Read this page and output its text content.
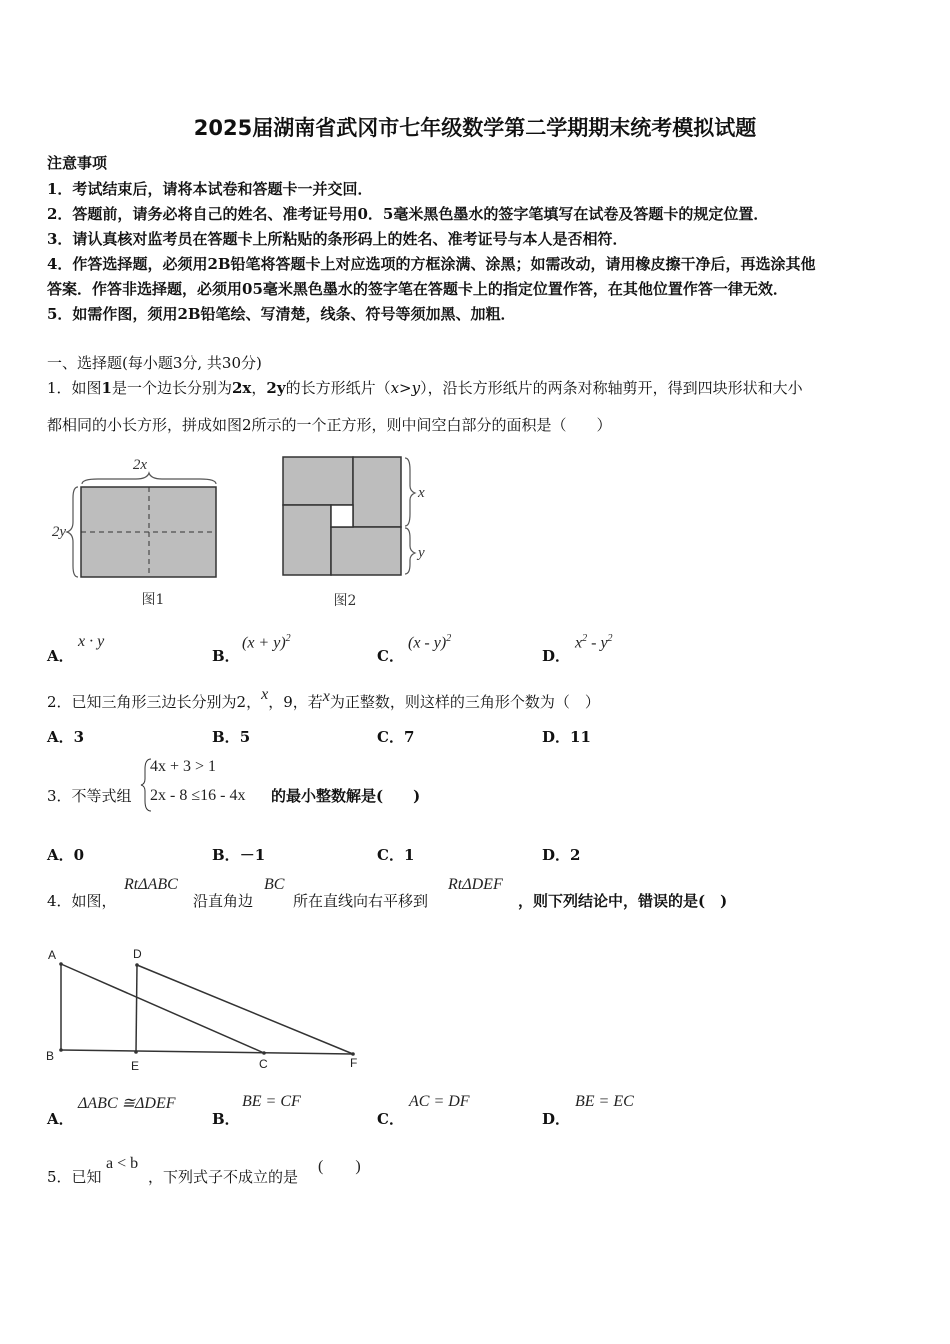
2025届湖南省武冈市七年级数学第二学期期末统考模拟试题
注意事项
1．考试结束后，请将本试卷和答题卡一并交回．
2．答题前，请务必将自己的姓名、准考证号用0．5毫米黑色墨水的签字笔填写在试卷及答题卡的规定位置．
3．请认真核对监考员在答题卡上所粘贴的条形码上的姓名、准考证号与本人是否相符．
4．作答选择题，必须用2B铅笔将答题卡上对应选项的方框涂满、涂黑；如需改动，请用橡皮擦干净后，再选涂其他
答案．作答非选择题，必须用05毫米黑色墨水的签字笔在答题卡上的指定位置作答，在其他位置作答一律无效．
5．如需作图，须用2B铅笔绘、写清楚，线条、符号等须加黑、加粗．
一、选择题(每小题3分, 共30分)
1．如图1是一个边长分别为2x，2y的长方形纸片（x>y），沿长方形纸片的两条对称轴剪开，得到四块形状和大小
都相同的小长方形，拼成如图2所示的一个正方形，则中间空白部分的面积是（　　）
2x
2y
图1
x
y
图2
A．
x · y
B．
$(x + y)^2$
C．
(x - y)$^2$
D．
$x^2 - y^2$
2．已知三角形三边长分别为2，x，9，若x为正整数，则这样的三角形个数为（　）
A．3	B．5	C．7	D．11
3．不等式组
4x + 3 > 1
2x - 8 ≤16 - 4x 的最小整数解是(　　)
A．0	B．－1	C．1	D．2
4．如图，
RtΔABC
沿直角边
BC
所在直线向右平移到
RtΔDEF
，则下列结论中，错误的是(　)
A
B
D
E	C	F
A．
ΔABC ≅ΔDEF
B．
BE = CF
C．
AC = DF
D．
BE = EC
5．已知
a < b
，下列式子不成立的是
(　　)
